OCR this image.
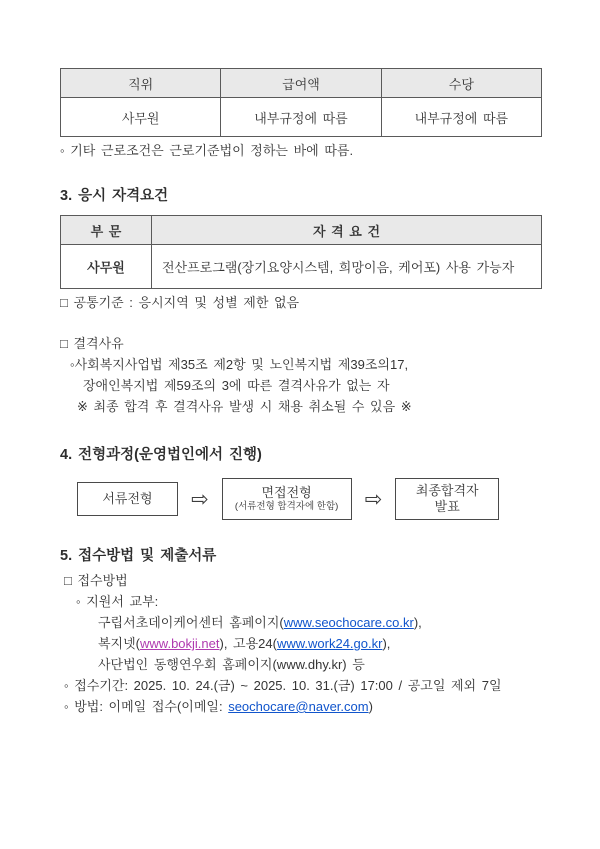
직위	급여액	수당
사무원	내부규정에 따름	내부규정에 따름
◦ 기타 근로조건은 근로기준법이 정하는 바에 따름.
3. 응시 자격요건
부 문	자 격 요 건
사무원	전산프로그램(장기요양시스템, 희망이음, 케어포) 사용 가능자
□ 공통기준 : 응시지역 및 성별 제한 없음
□ 결격사유
◦사회복지사업법 제35조 제2항 및 노인복지법 제39조의17,
장애인복지법 제59조의 3에 따른 결격사유가 없는 자
※ 최종 합격 후 결격사유 발생 시 채용 취소될 수 있음 ※
4. 전형과정(운영법인에서 진행)
서류전형 ⇨	면접전형
(서류전형 합격자에 한함) ⇨	최종합격자
발표
5. 접수방법 및 제출서류
□ 접수방법
◦ 지원서 교부:
구립서초데이케어센터 홈페이지(www.seochocare.co.kr),
복지넷(www.bokji.net), 고용24(www.work24.go.kr),
사단법인 동행연우회 홈페이지(www.dhy.kr) 등
◦ 접수기간: 2025. 10. 24.(금) ~ 2025. 10. 31.(금) 17:00 / 공고일 제외 7일
◦ 방법: 이메일 접수(이메일: seochocare@naver.com)
